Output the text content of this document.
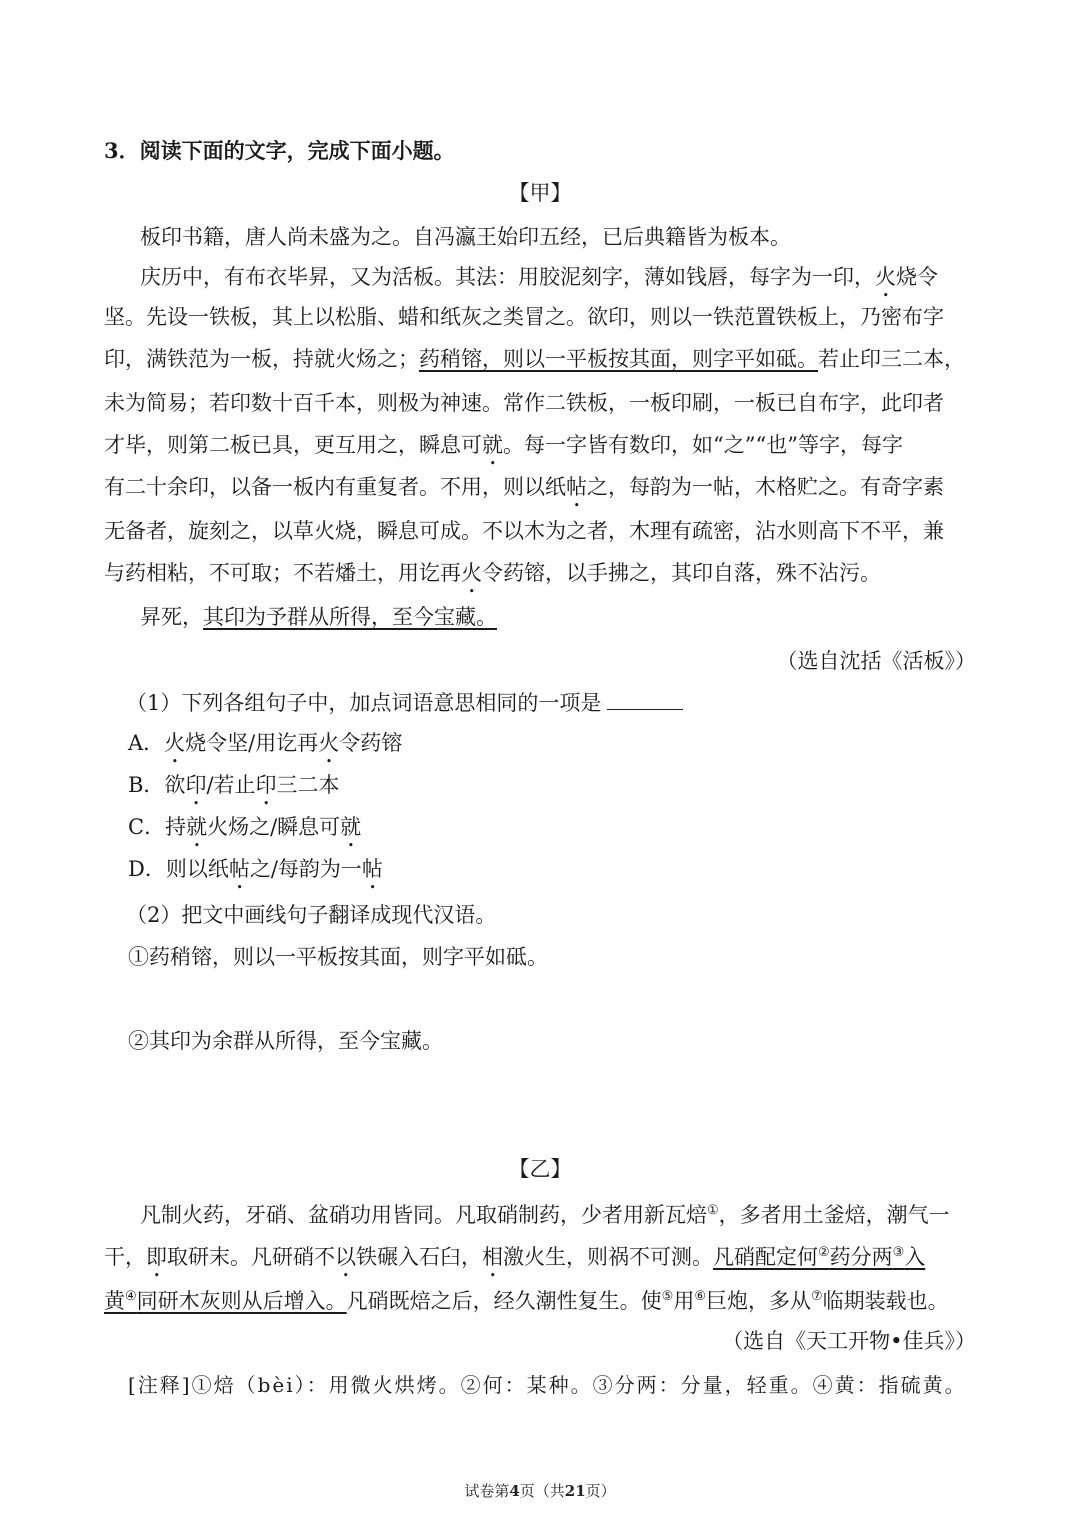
3．阅读下面的文字，完成下面小题。
【甲】
板印书籍，唐人尚未盛为之。自冯瀛王始印五经，已后典籍皆为板本。
庆历中，有布衣毕昇，又为活板。其法：用胶泥刻字，薄如钱唇，每字为一印，火烧令
坚。先设一铁板，其上以松脂、蜡和纸灰之类冒之。欲印，则以一铁范置铁板上，乃密布字
印，满铁范为一板，持就火炀之；药稍镕，则以一平板按其面，则字平如砥。若止印三二本，
未为简易；若印数十百千本，则极为神速。常作二铁板，一板印刷，一板已自布字，此印者
才毕，则第二板已具，更互用之，瞬息可就。每一字皆有数印，如“之”“也”等字，每字
有二十余印，以备一板内有重复者。不用，则以纸帖之，每韵为一帖，木格贮之。有奇字素
无备者，旋刻之，以草火烧，瞬息可成。不以木为之者，木理有疏密，沾水则高下不平，兼
与药相粘，不可取；不若燔土，用讫再火令药镕，以手拂之，其印自落，殊不沾污。
昇死，其印为予群从所得，至今宝藏。
（选自沈括《活板》）
（1）下列各组句子中，加点词语意思相同的一项是
A．火烧令坚/用讫再火令药镕
B．欲印/若止印三二本
C．持就火炀之/瞬息可就
D．则以纸帖之/每韵为一帖
（2）把文中画线句子翻译成现代汉语。
①药稍镕，则以一平板按其面，则字平如砥。
②其印为余群从所得，至今宝藏。
【乙】
凡制火药，牙硝、盆硝功用皆同。凡取硝制药，少者用新瓦焙①，多者用土釜焙，潮气一
干，即取研末。凡研硝不以铁碾入石臼，相激火生，则祸不可测。凡硝配定何②药分两③入
黄④同研木灰则从后增入。凡硝既焙之后，经久潮性复生。使⑤用⑥巨炮，多从⑦临期装载也。
（选自《天工开物•佳兵》）
[注释]①焙（bèi）：用微火烘烤。②何：某种。③分两：分量，轻重。④黄：指硫黄。
试卷第4页（共21页）
